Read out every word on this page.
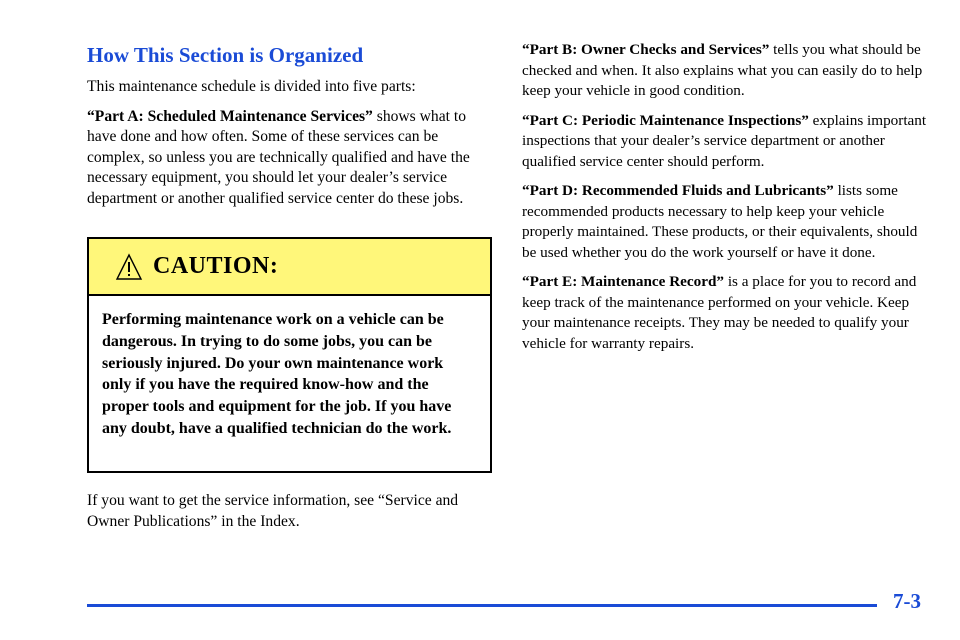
How This Section is Organized

This maintenance schedule is divided into five parts:

“Part A: Scheduled Maintenance Services” shows what to have done and how often. Some of these services can be complex, so unless you are technically qualified and have the necessary equipment, you should let your dealer’s service department or another qualified service center do these jobs.

CAUTION:
Performing maintenance work on a vehicle can be dangerous. In trying to do some jobs, you can be seriously injured. Do your own maintenance work only if you have the required know-how and the proper tools and equipment for the job. If you have any doubt, have a qualified technician do the work.

If you want to get the service information, see “Service and Owner Publications” in the Index.

“Part B: Owner Checks and Services” tells you what should be checked and when. It also explains what you can easily do to help keep your vehicle in good condition.

“Part C: Periodic Maintenance Inspections” explains important inspections that your dealer’s service department or another qualified service center should perform.

“Part D: Recommended Fluids and Lubricants” lists some recommended products necessary to help keep your vehicle properly maintained. These products, or their equivalents, should be used whether you do the work yourself or have it done.

“Part E: Maintenance Record” is a place for you to record and keep track of the maintenance performed on your vehicle. Keep your maintenance receipts. They may be needed to qualify your vehicle for warranty repairs.

7-3
